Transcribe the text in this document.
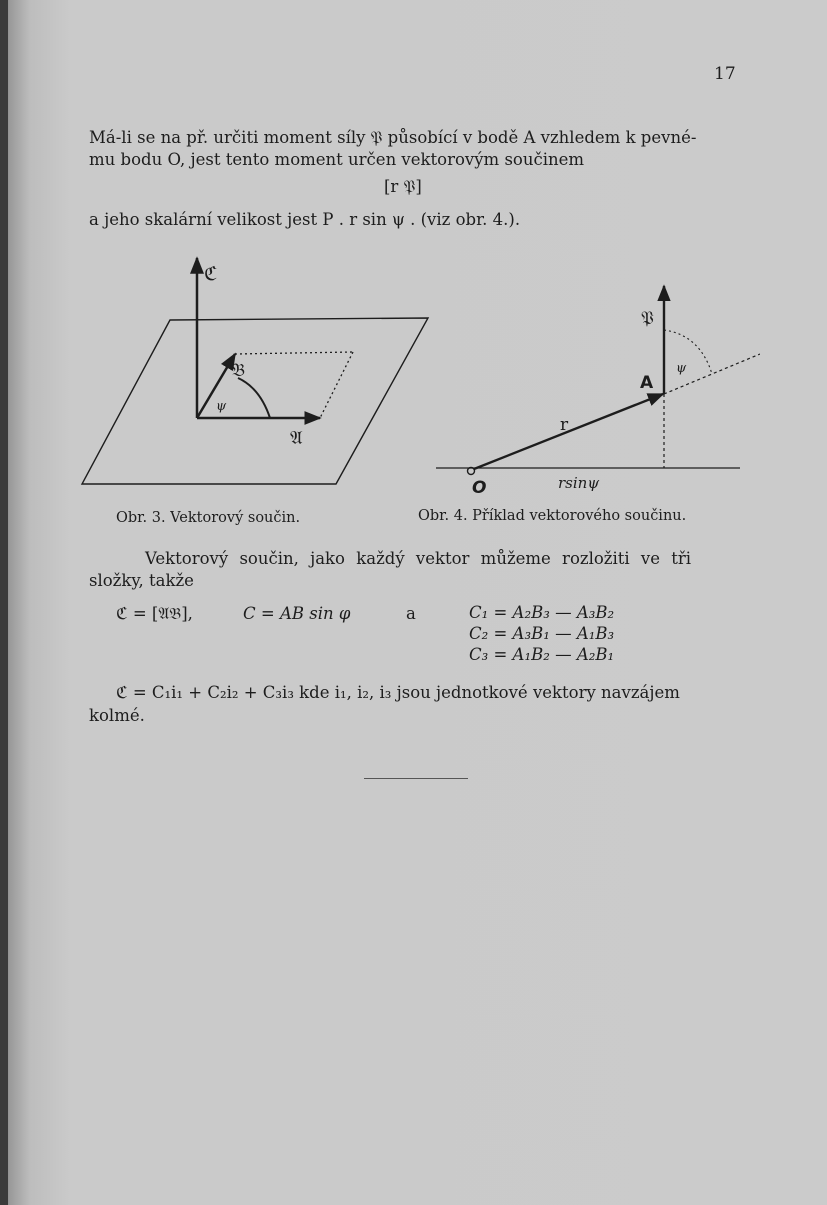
17
Má-li se na př. určiti moment síly 𝔓 působící v bodě A vzhledem k pevné-
mu bodu O, jest tento moment určen vektorovým součinem
[r 𝔓]
a jeho skalární velikost jest P . r sin ψ . (viz obr. 4.).
ℭ
𝔅
ψ
𝔄
𝔓
ψ
A
r
O	rsinψ
Obr. 3. Vektorový součin.	Obr. 4. Příklad vektorového součinu.
Vektorový součin, jako každý vektor můžeme rozložiti ve tři
složky, takže
ℭ = [𝔄𝔅],	C = AB sin φ	a	C₁ = A₂B₃ — A₃B₂
C₂ = A₃B₁ — A₁B₃
C₃ = A₁B₂ — A₂B₁
ℭ = C₁i₁ + C₂i₂ + C₃i₃ kde i₁, i₂, i₃ jsou jednotkové vektory navzájem
kolmé.
